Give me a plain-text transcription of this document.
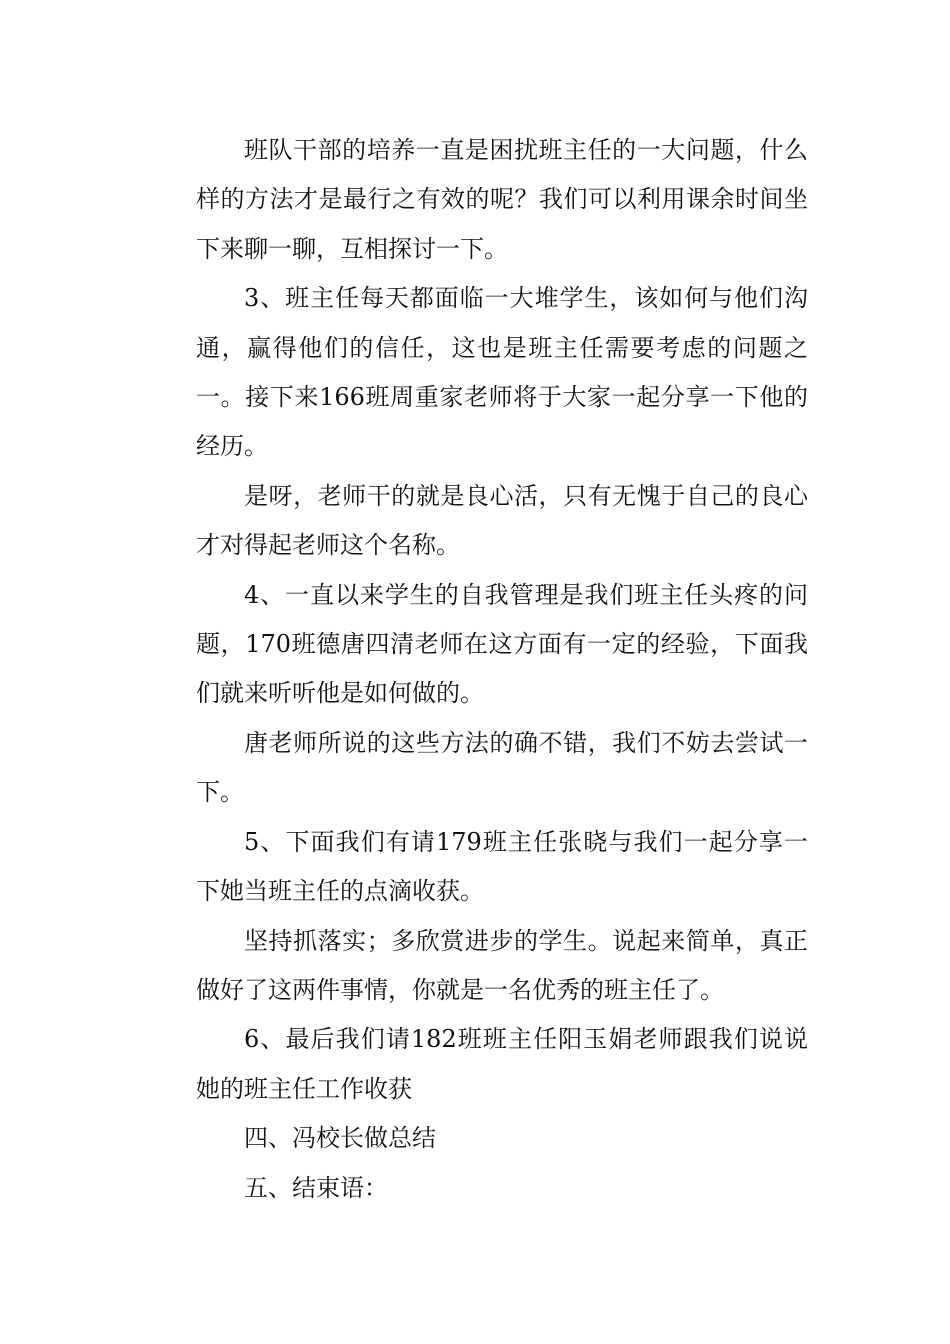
班队干部的培养一直是困扰班主任的一大问题，什么样的方法才是最行之有效的呢？我们可以利用课余时间坐下来聊一聊，互相探讨一下。

3、班主任每天都面临一大堆学生，该如何与他们沟通，赢得他们的信任，这也是班主任需要考虑的问题之一。接下来166班周重家老师将于大家一起分享一下他的经历。

是呀，老师干的就是良心活，只有无愧于自己的良心才对得起老师这个名称。

4、一直以来学生的自我管理是我们班主任头疼的问题，170班德唐四清老师在这方面有一定的经验，下面我们就来听听他是如何做的。

唐老师所说的这些方法的确不错，我们不妨去尝试一下。

5、下面我们有请179班主任张晓与我们一起分享一下她当班主任的点滴收获。

坚持抓落实；多欣赏进步的学生。说起来简单，真正做好了这两件事情，你就是一名优秀的班主任了。

6、最后我们请182班班主任阳玉娟老师跟我们说说她的班主任工作收获

四、冯校长做总结

五、结束语：
